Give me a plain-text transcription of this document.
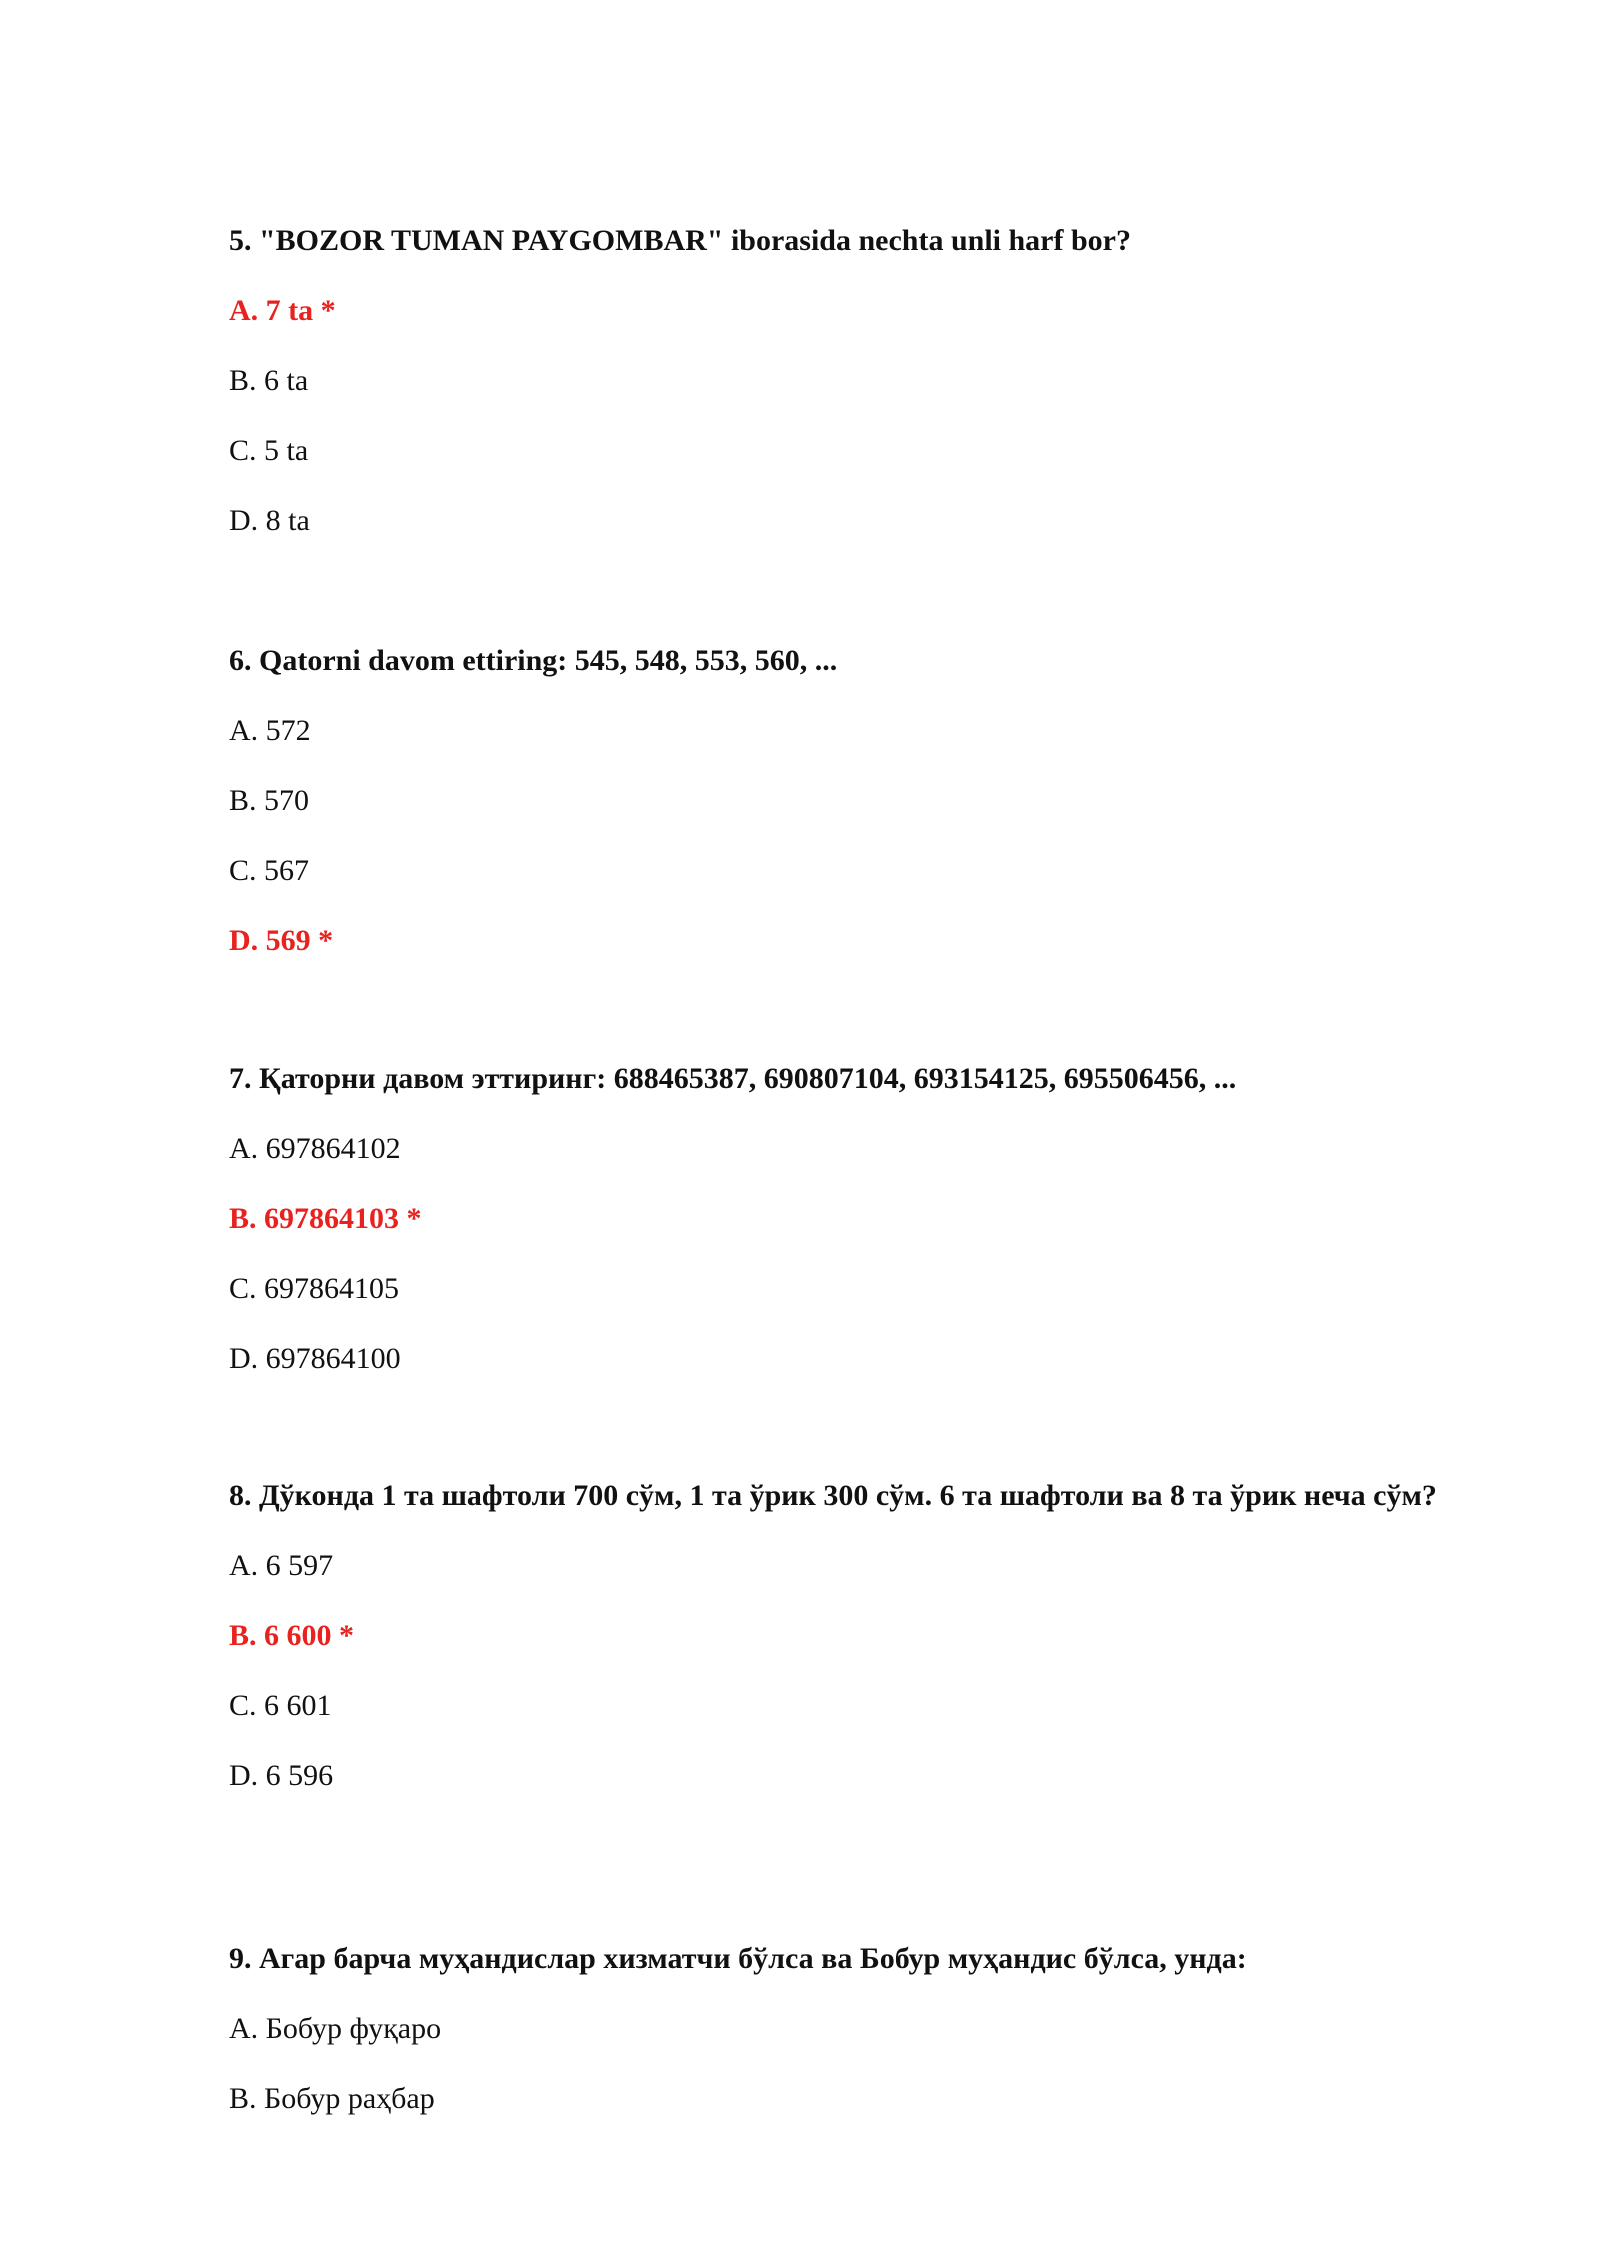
5. "BOZOR TUMAN PAYGOMBAR" iborasida nechta unli harf bor?

A. 7 ta *
B. 6 ta
C. 5 ta
D. 8 ta

6. Qatorni davom ettiring: 545, 548, 553, 560, ...

A. 572
B. 570
C. 567
D. 569 *

7. Қаторни давом эттиринг: 688465387, 690807104, 693154125, 695506456, ...

A. 697864102
B. 697864103 *
C. 697864105
D. 697864100

8. Дўконда 1 та шафтоли 700 сўм, 1 та ўрик 300 сўм. 6 та шафтоли ва 8 та ўрик неча сўм?

A. 6 597
B. 6 600 *
C. 6 601
D. 6 596

9. Агар барча муҳандислар хизматчи бўлса ва Бобур муҳандис бўлса, унда:

A. Бобур фуқаро
B. Бобур раҳбар
